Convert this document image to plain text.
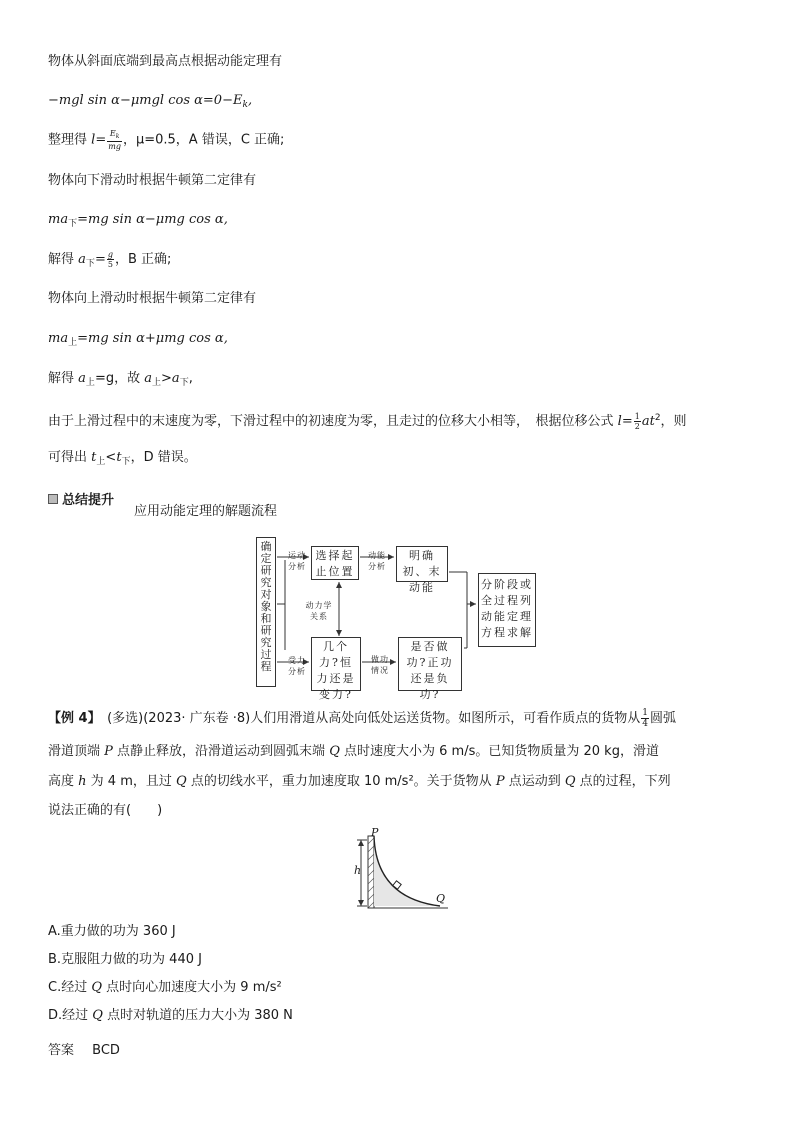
物体从斜面底端到最高点根据动能定理有
−mgl sin α−μmgl $\cos \alpha=0-E_k$,
整理得 $l= \frac{E_k}{mg}$ ，μ=0.5，A 错误，C 正确;
物体向下滑动时根据牛顿第二定律有
$ma_下=mg$ sin α−μmg cos α,
解得 $a_下= \frac{g}{5}$ ，B 正确;
物体向上滑动时根据牛顿第二定律有
$ma_上=mg$ sin α+μmg cos α,
解得 $a_上=g$，故 $a_上>a_下$,
由于上滑过程中的末速度为零，下滑过程中的初速度为零，且走过的位移大小相等，　根据位移公式 $l= \frac{1}{2} at^2$，则
可得出 $t_上<t_下$，D 错误。
总结提升
应用动能定理的解题流程
确定研究对象和研究过程
运动分析
受力分析
动能分析
做功情况
动力学关系
选择起止位置
明确初、末动能
几个力?恒力还是变力?
是否做功?正功还是负功?
分阶段或全过程列动能定理方程求解
【例 4】　(多选)(2023· 广东卷 ·8)人们用滑道从高处向低处运送货物。如图所示，可看作质点的货物从 $\frac{1}{4}$ 圆弧
滑道顶端 P 点静止释放，沿滑道运动到圆弧末端 Q 点时速度大小为 6 m/s。已知货物质量为 20 kg，滑道
高度 h 为 4 m，且过 Q 点的切线水平，重力加速度取 10 m/s²。关于货物从 P 点运动到 Q 点的过程，下列
说法正确的有(　　)
P
h
Q
A.重力做的功为 360 J
B.克服阻力做的功为 440 J
C.经过 Q 点时向心加速度大小为 9 m/s²
D.经过 Q 点时对轨道的压力大小为 380 N
答案 BCD
